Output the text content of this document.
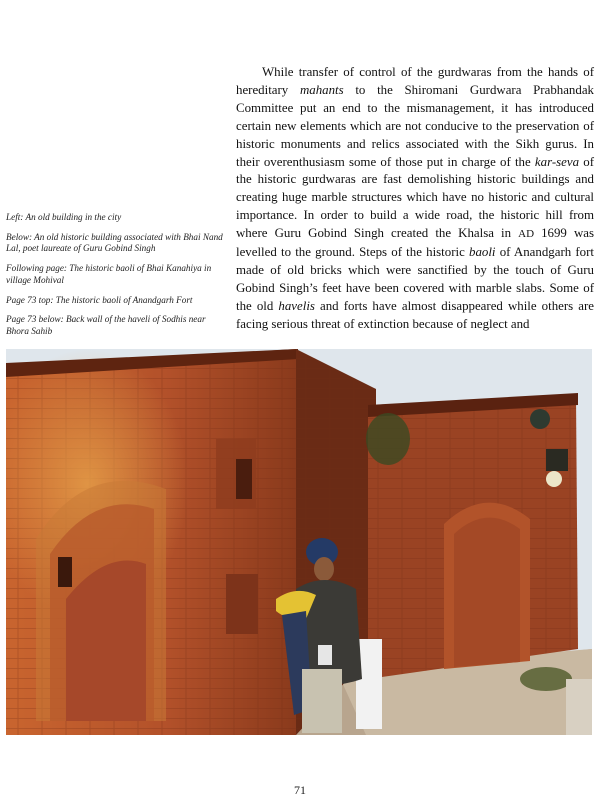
Left: An old building in the city

Below: An old historic building associated with Bhai Nand Lal, poet laureate of Guru Gobind Singh

Following page: The historic baoli of Bhai Kanahiya in village Mohival

Page 73 top: The historic baoli of Anandgarh Fort

Page 73 below: Back wall of the haveli of Sodhis near Bhora Sahib

While transfer of control of the gurdwaras from the hands of hereditary mahants to the Shiromani Gurdwara Prabhandak Committee put an end to the mismanagement, it has introduced certain new elements which are not conducive to the preservation of historic monuments and relics associated with the Sikh gurus. In their overenthusiasm some of those put in charge of the kar-seva of the historic gurdwaras are fast demolishing historic buildings and creating huge marble structures which have no historic and cultural importance. In order to build a wide road, the historic hill from where Guru Gobind Singh created the Khalsa in AD 1699 was levelled to the ground. Steps of the historic baoli of Anandgarh fort made of old bricks which were sanctified by the touch of Guru Gobind Singh’s feet have been covered with marble slabs. Some of the old havelis and forts have almost disappeared while others are facing serious threat of extinction because of neglect and

71
